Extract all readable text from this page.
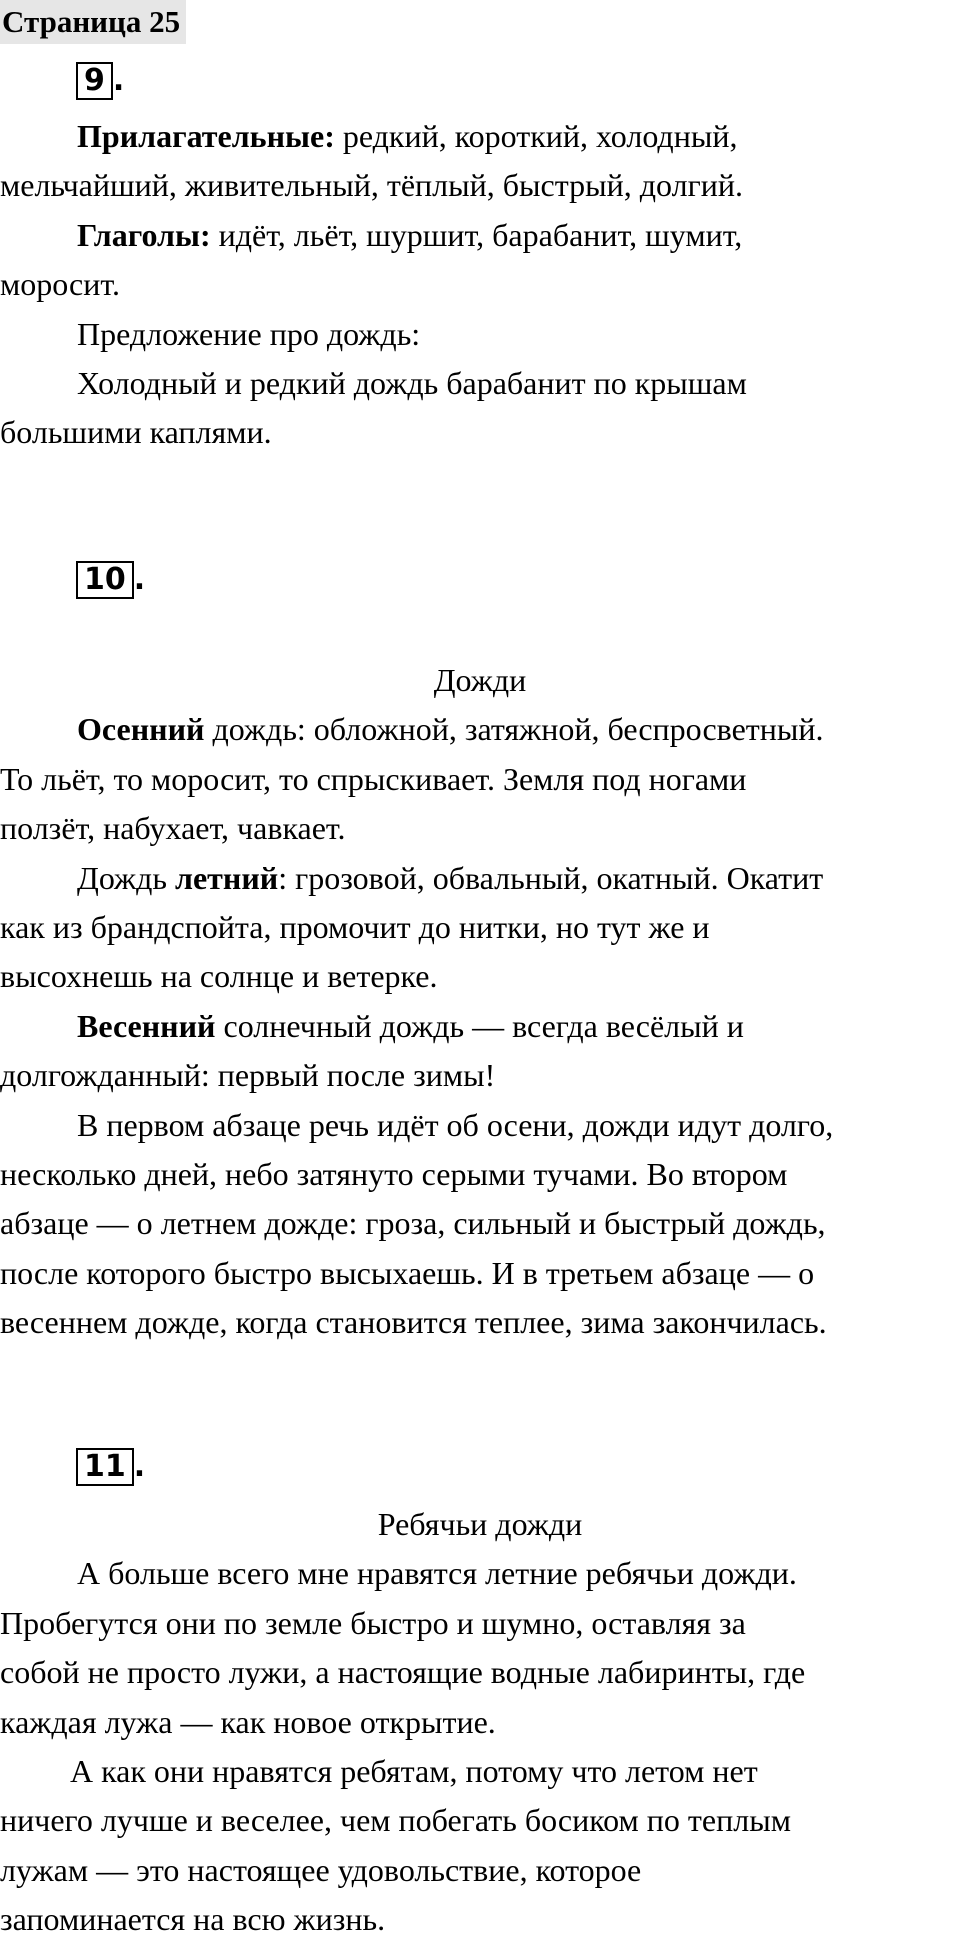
Страница 25
9 .
Прилагательные: редкий, короткий, холодный,
мельчайший, живительный, тёплый, быстрый, долгий.
Глаголы: идёт, льёт, шуршит, барабанит, шумит,
моросит.
Предложение про дождь:
Холодный и редкий дождь барабанит по крышам
большими каплями.
10 .
Дожди
Осенний дождь: обложной, затяжной, беспросветный.
То льёт, то моросит, то спрыскивает. Земля под ногами
ползёт, набухает, чавкает.
Дождь летний: грозовой, обвальный, окатный. Окатит
как из брандспойта, промочит до нитки, но тут же и
высохнешь на солнце и ветерке.
Весенний солнечный дождь — всегда весёлый и
долгожданный: первый после зимы!
В первом абзаце речь идёт об осени, дожди идут долго,
несколько дней, небо затянуто серыми тучами. Во втором
абзаце — о летнем дожде: гроза, сильный и быстрый дождь,
после которого быстро высыхаешь. И в третьем абзаце — о
весеннем дожде, когда становится теплее, зима закончилась.
11 .
Ребячьи дожди
А больше всего мне нравятся летние ребячьи дожди.
Пробегутся они по земле быстро и шумно, оставляя за
собой не просто лужи, а настоящие водные лабиринты, где
каждая лужа — как новое открытие.
А как они нравятся ребятам, потому что летом нет
ничего лучше и веселее, чем побегать босиком по теплым
лужам — это настоящее удовольствие, которое
запоминается на всю жизнь.
